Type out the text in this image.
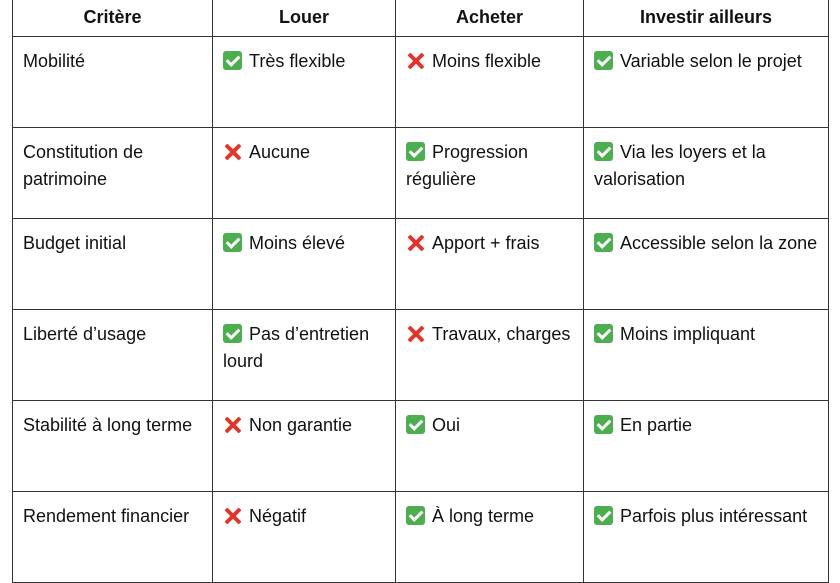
Critère	Louer	Acheter	Investir ailleurs
Mobilité	Très flexible	Moins flexible	Variable selon le projet
Constitution de patrimoine	Aucune	Progression régulière	Via les loyers et la valorisation
Budget initial	Moins élevé	Apport + frais	Accessible selon la zone
Liberté d’usage	Pas d’entretien lourd	Travaux, charges	Moins impliquant
Stabilité à long terme	Non garantie	Oui	En partie
Rendement financier	Négatif	À long terme	Parfois plus intéressant
